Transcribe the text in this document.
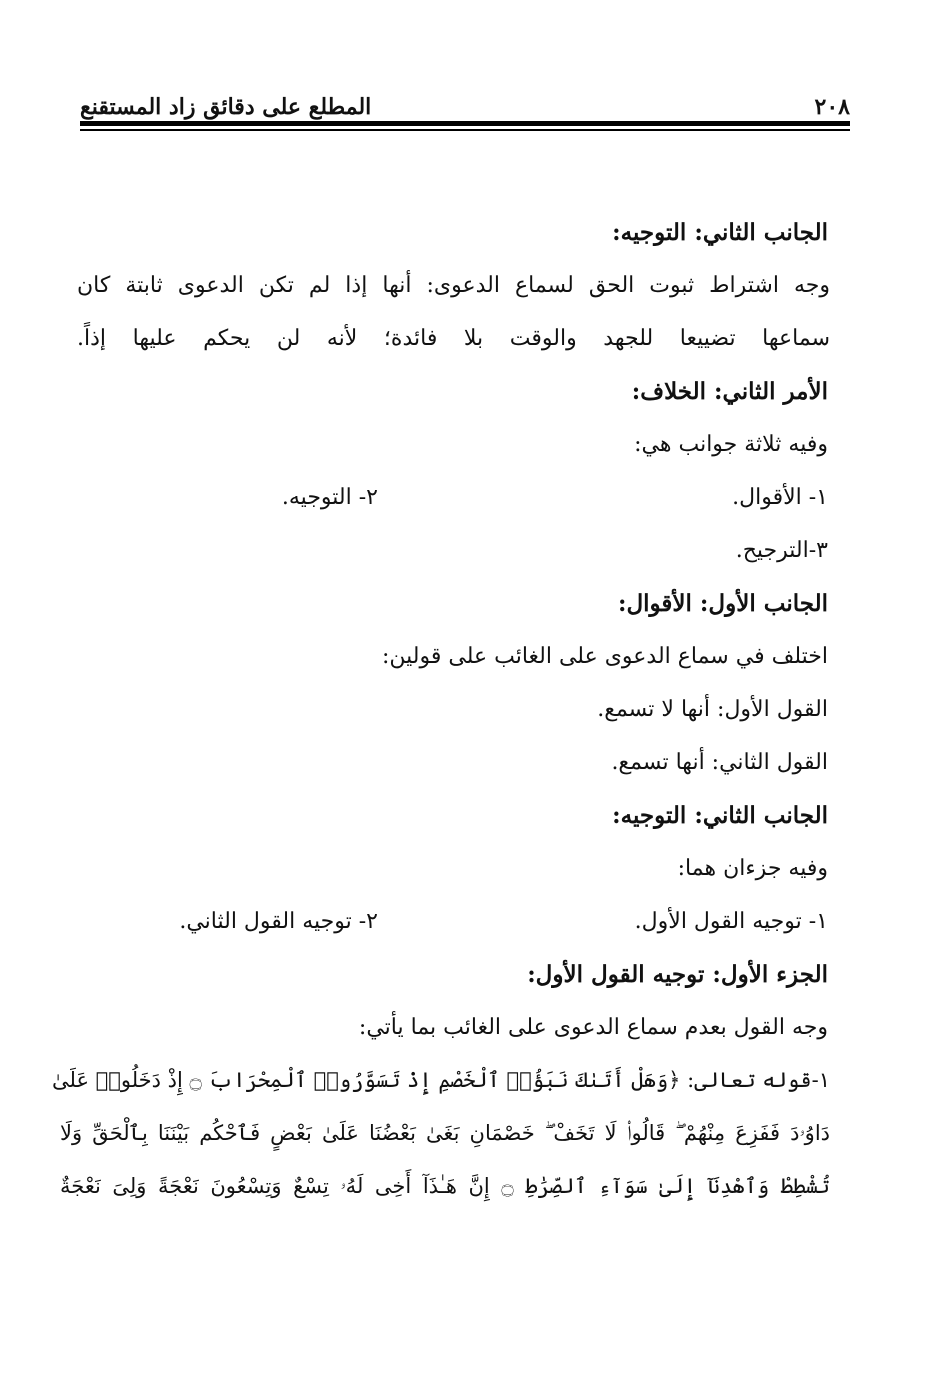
٢٠٨
المطلع على دقائق زاد المستقنع
الجانب الثاني: التوجيه:
وجه اشتراط ثبوت الحق لسماع الدعوى: أنها إذا لم تكن الدعوى ثابتة كان
سماعها تضييعا للجهد والوقت بلا فائدة؛ لأنه لن يحكم عليها إذاً.
الأمر الثاني: الخلاف:
وفيه ثلاثة جوانب هي:
١- الأقوال.
٢- التوجيه.
٣-الترجيح.
الجانب الأول: الأقوال:
اختلف في سماع الدعوى على الغائب على قولين:
القول الأول: أنها لا تسمع.
القول الثاني: أنها تسمع.
الجانب الثاني: التوجيه:
وفيه جزءان هما:
١- توجيه القول الأول.
٢- توجيه القول الثاني.
الجزء الأول: توجيه القول الأول:
وجه القول بعدم سماع الدعوى على الغائب بما يأتي:
١-قوله تعالى: ﴿وَهَلْ أَتَىٰكَ نَبَؤُا۟ ٱلْخَصْمِ إِذْ تَسَوَّرُوا۟ ٱلْمِحْرَابَ ۝ إِذْ دَخَلُوا۟ عَلَىٰ
دَاوُۥدَ فَفَزِعَ مِنْهُمْ ۖ قَالُوا۟ لَا تَخَفْ ۖ خَصْمَانِ بَغَىٰ بَعْضُنَا عَلَىٰ بَعْضٍ فَٱحْكُم بَيْنَنَا بِٱلْحَقِّ وَلَا
تُشْطِطْ وَٱهْدِنَآ إِلَىٰ سَوَآءِ ٱلصِّرَٰطِ ۝ إِنَّ هَـٰذَآ أَخِى لَهُۥ تِسْعٌ وَتِسْعُونَ نَعْجَةً وَلِىَ نَعْجَةٌ
